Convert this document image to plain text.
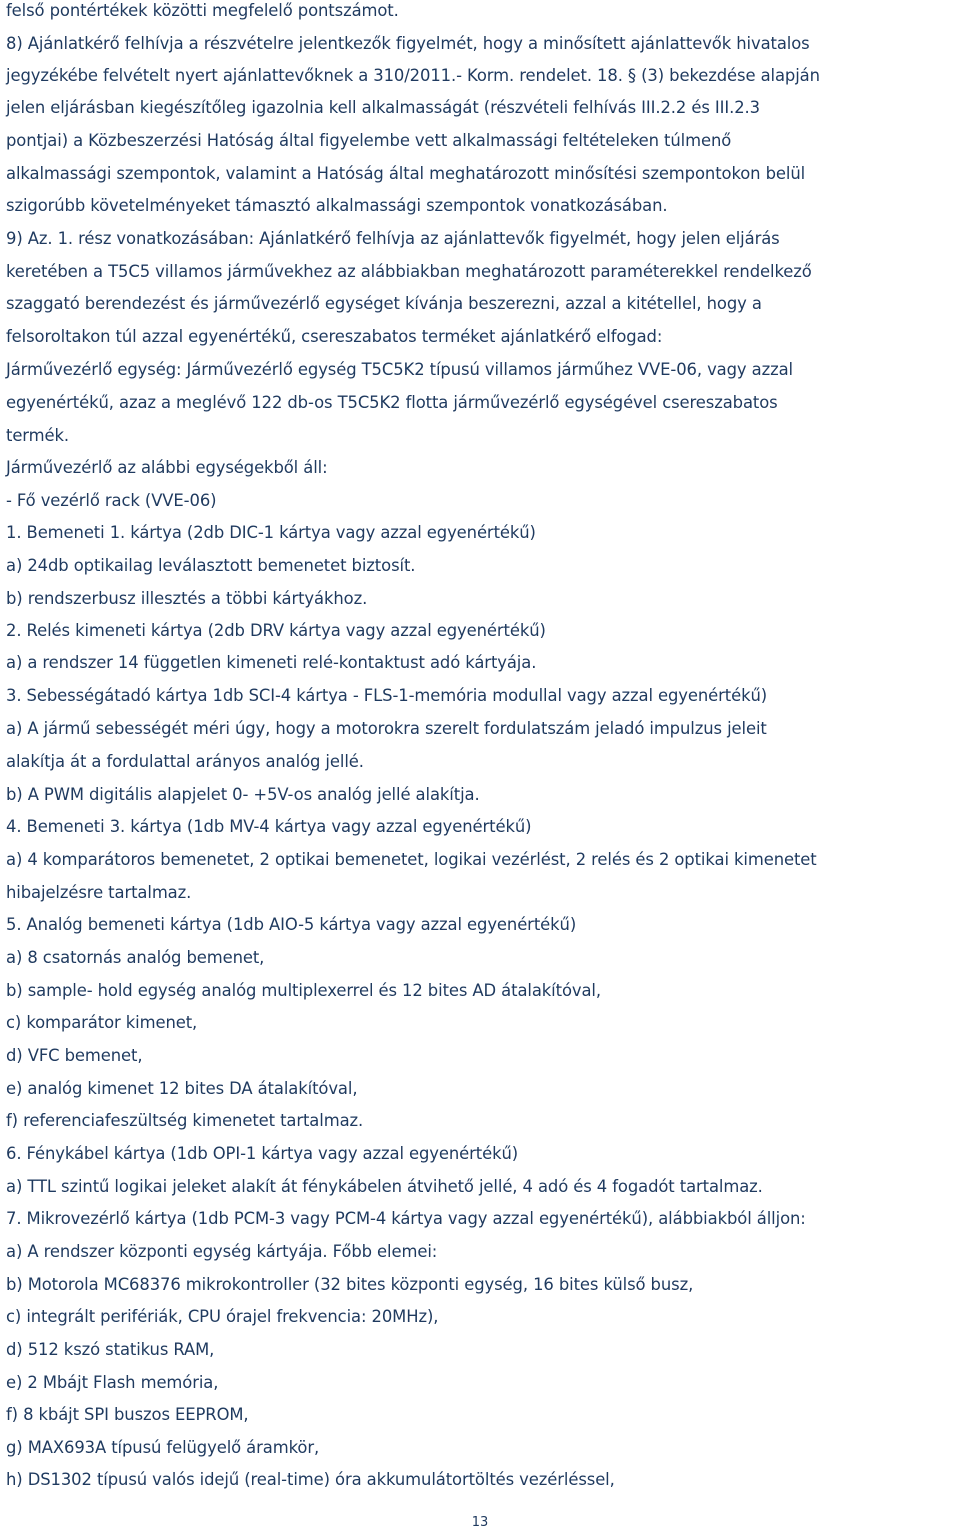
felső pontértékek közötti megfelelő pontszámot.
8) Ajánlatkérő felhívja a részvételre jelentkezők figyelmét, hogy a minősített ajánlattevők hivatalos
jegyzékébe felvételt nyert ajánlattevőknek a 310/2011.- Korm. rendelet. 18. § (3) bekezdése alapján
jelen eljárásban kiegészítőleg igazolnia kell alkalmasságát (részvételi felhívás III.2.2 és III.2.3
pontjai) a Közbeszerzési Hatóság által figyelembe vett alkalmassági feltételeken túlmenő
alkalmassági szempontok, valamint a Hatóság által meghatározott minősítési szempontokon belül
szigorúbb követelményeket támasztó alkalmassági szempontok vonatkozásában.
9) Az. 1. rész vonatkozásában: Ajánlatkérő felhívja az ajánlattevők figyelmét, hogy jelen eljárás
keretében a T5C5 villamos járművekhez az alábbiakban meghatározott paraméterekkel rendelkező
szaggató berendezést és járművezérlő egységet kívánja beszerezni, azzal a kitétellel, hogy a
felsoroltakon túl azzal egyenértékű, csereszabatos terméket ajánlatkérő elfogad:
Járművezérlő egység: Járművezérlő egység T5C5K2 típusú villamos járműhez VVE-06, vagy azzal
egyenértékű, azaz a meglévő 122 db-os T5C5K2 flotta járművezérlő egységével csereszabatos
termék.
Járművezérlő az alábbi egységekből áll:
- Fő vezérlő rack (VVE-06)
1. Bemeneti 1. kártya (2db DIC-1 kártya vagy azzal egyenértékű)
a) 24db optikailag leválasztott bemenetet biztosít.
b) rendszerbusz illesztés a többi kártyákhoz.
2. Relés kimeneti kártya (2db DRV kártya vagy azzal egyenértékű)
a) a rendszer 14 független kimeneti relé-kontaktust adó kártyája.
3. Sebességátadó kártya 1db SCI-4 kártya - FLS-1-memória modullal vagy azzal egyenértékű)
a) A jármű sebességét méri úgy, hogy a motorokra szerelt fordulatszám jeladó impulzus jeleit
alakítja át a fordulattal arányos analóg jellé.
b) A PWM digitális alapjelet 0- +5V-os analóg jellé alakítja.
4. Bemeneti 3. kártya (1db MV-4 kártya vagy azzal egyenértékű)
a) 4 komparátoros bemenetet, 2 optikai bemenetet, logikai vezérlést, 2 relés és 2 optikai kimenetet
hibajelzésre tartalmaz.
5. Analóg bemeneti kártya (1db AIO-5 kártya vagy azzal egyenértékű)
a) 8 csatornás analóg bemenet,
b) sample- hold egység analóg multiplexerrel és 12 bites AD átalakítóval,
c) komparátor kimenet,
d) VFC bemenet,
e) analóg kimenet 12 bites DA átalakítóval,
f) referenciafeszültség kimenetet tartalmaz.
6. Fénykábel kártya (1db OPI-1 kártya vagy azzal egyenértékű)
a) TTL szintű logikai jeleket alakít át fénykábelen átvihető jellé, 4 adó és 4 fogadót tartalmaz.
7. Mikrovezérlő kártya (1db PCM-3 vagy PCM-4 kártya vagy azzal egyenértékű), alábbiakból álljon:
a) A rendszer központi egység kártyája. Főbb elemei:
b) Motorola MC68376 mikrokontroller (32 bites központi egység, 16 bites külső busz,
c) integrált perifériák, CPU órajel frekvencia: 20MHz),
d) 512 kszó statikus RAM,
e) 2 Mbájt Flash memória,
f) 8 kbájt SPI buszos EEPROM,
g) MAX693A típusú felügyelő áramkör,
h) DS1302 típusú valós idejű (real-time) óra akkumulátortöltés vezérléssel,
13
